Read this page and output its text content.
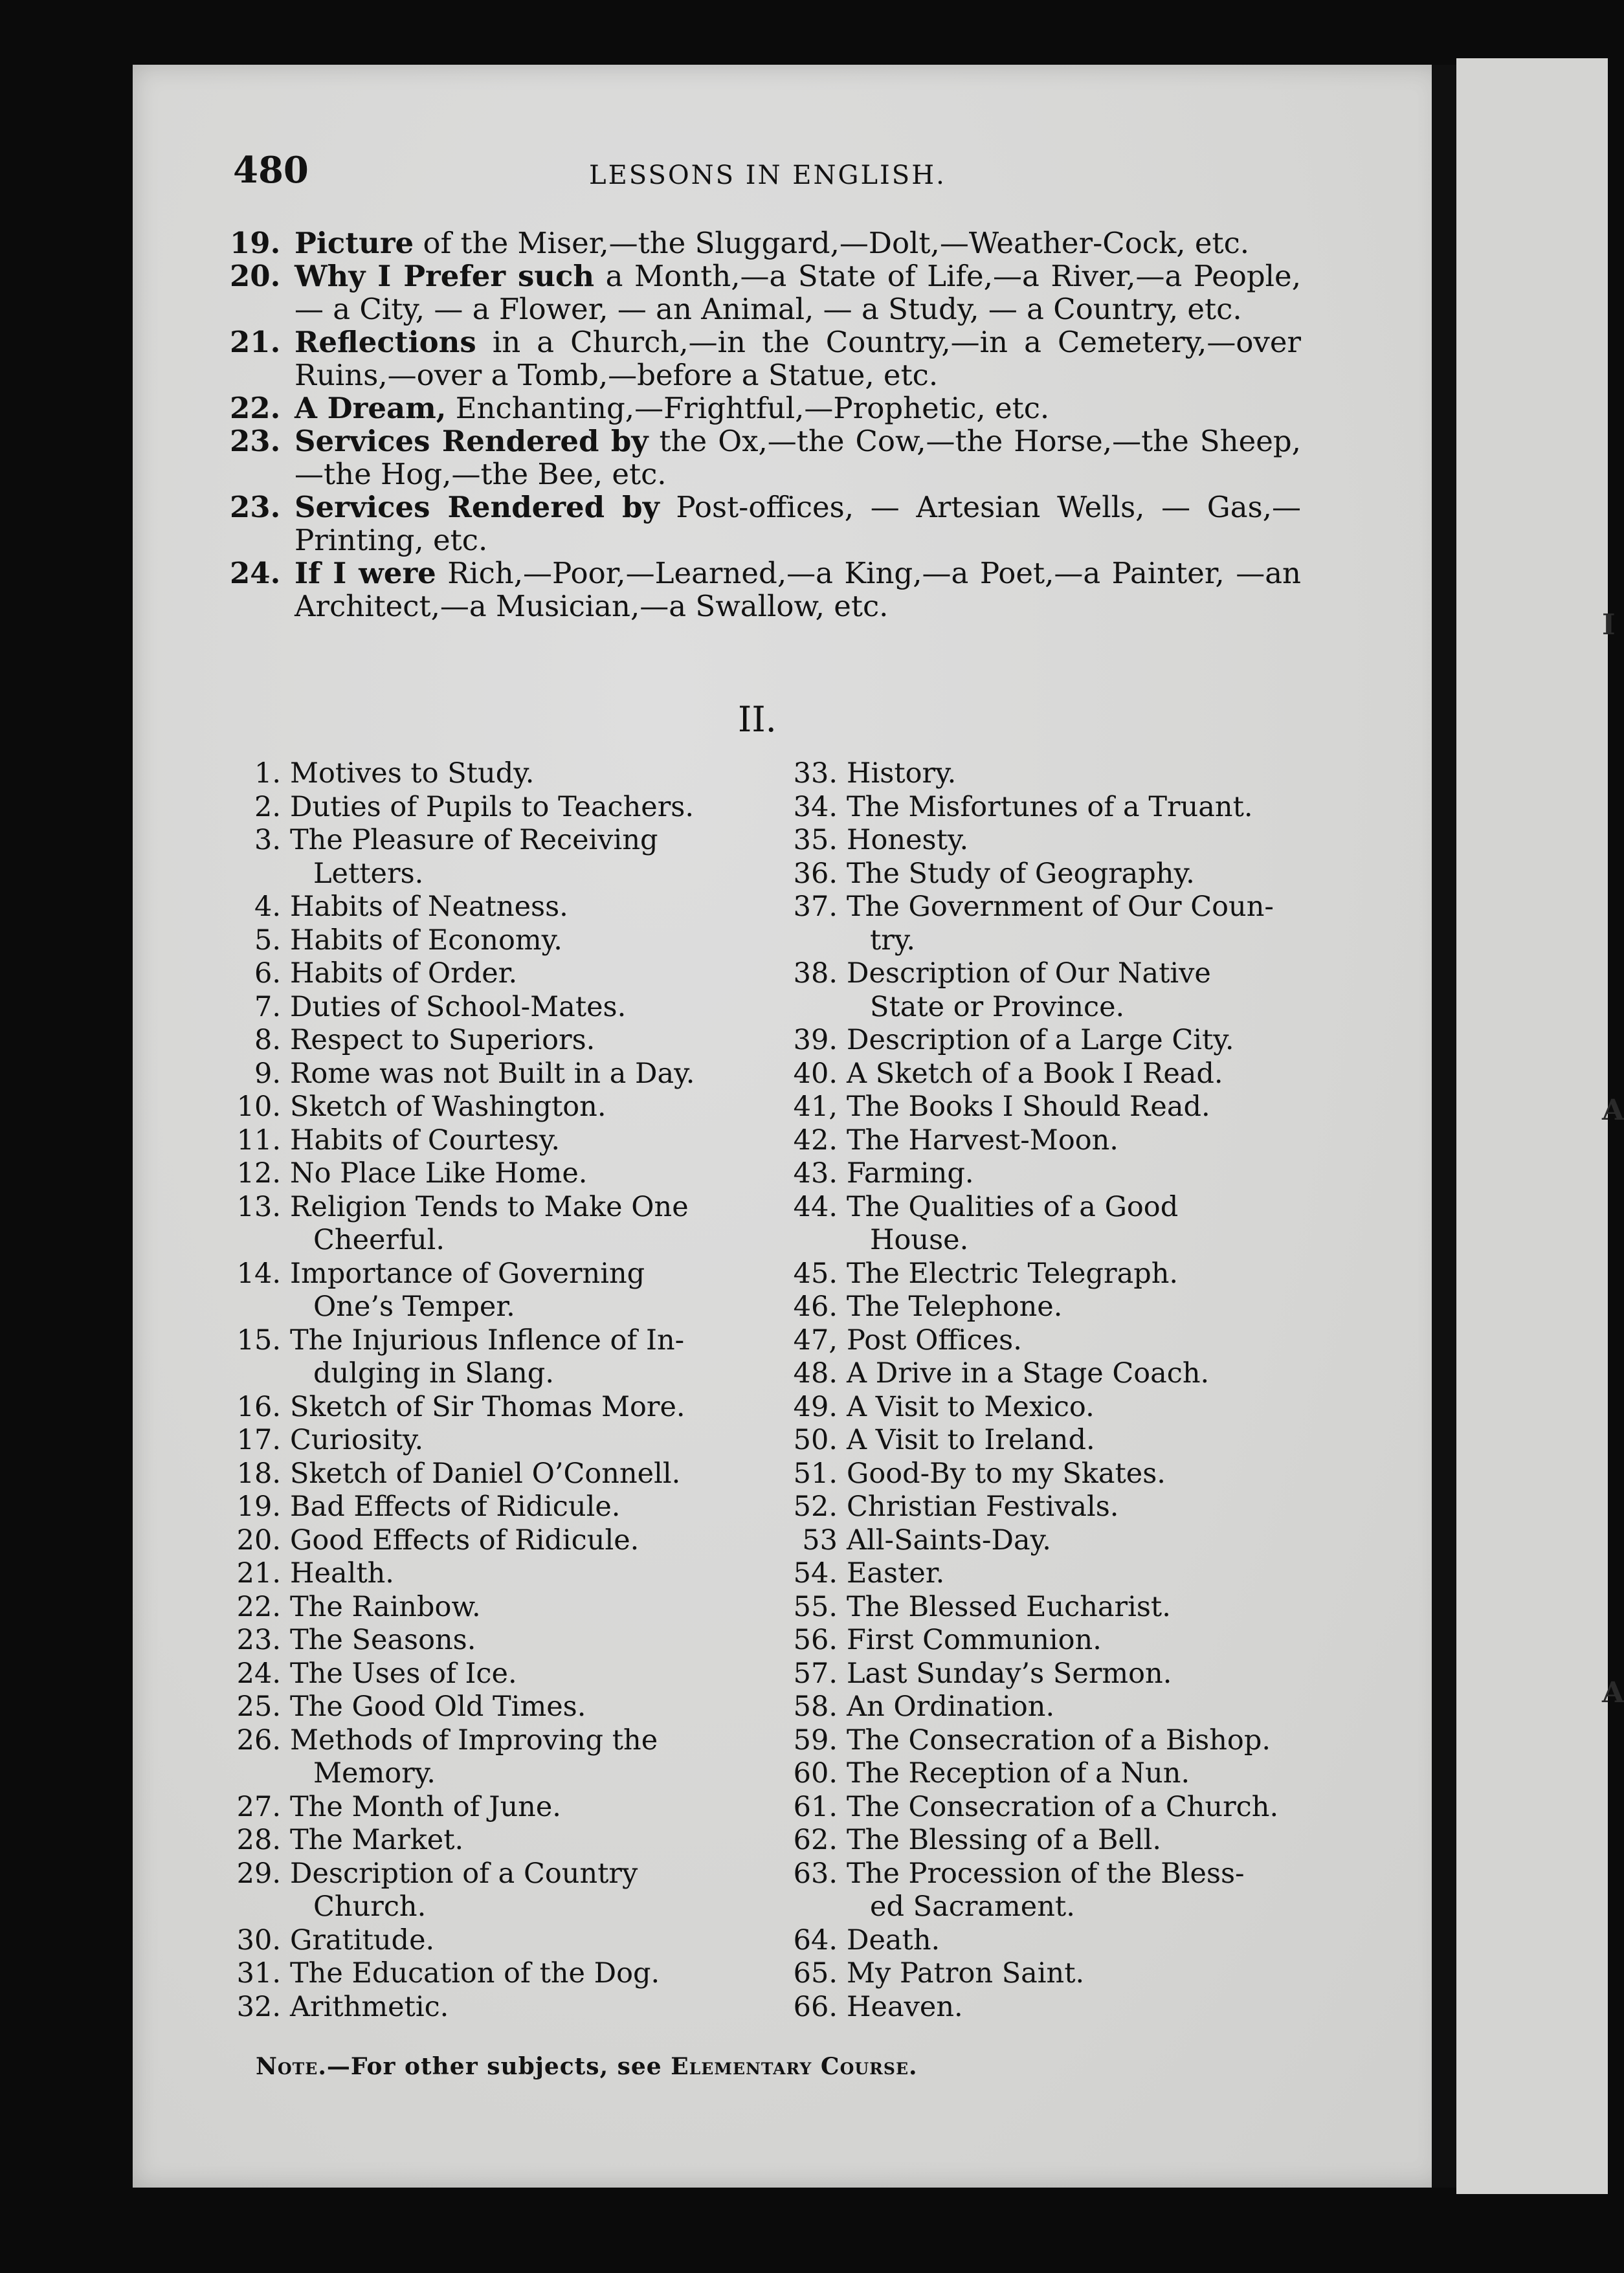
I
A
A
480	LESSONS IN ENGLISH.
19. Picture of the Miser,—the Sluggard,—Dolt,—Weather-Cock, etc.
20. Why I Prefer such a Month,—a State of Life,—a River,—a People, — a City, — a Flower, — an Animal, — a Study, — a Country, etc.
21. Reflections in a Church,—in the Country,—in a Cemetery,—over Ruins,—over a Tomb,—before a Statue, etc.
22. A Dream, Enchanting,—Frightful,—Prophetic, etc.
23. Services Rendered by the Ox,—the Cow,—the Horse,—the Sheep,—the Hog,—the Bee, etc.
23. Services Rendered by Post-offices, — Artesian Wells, — Gas,— Printing, etc.
24. If I were Rich,—Poor,—Learned,—a King,—a Poet,—a Painter, —an Architect,—a Musician,—a Swallow, etc.
II.
1. Motives to Study.
2. Duties of Pupils to Teachers.
3. The Pleasure of Receiving
Letters.
4. Habits of Neatness.
5. Habits of Economy.
6. Habits of Order.
7. Duties of School-Mates.
8. Respect to Superiors.
9. Rome was not Built in a Day.
10. Sketch of Washington.
11. Habits of Courtesy.
12. No Place Like Home.
13. Religion Tends to Make One
Cheerful.
14. Importance of Governing
One’s Temper.
15. The Injurious Inflence of In-
dulging in Slang.
16. Sketch of Sir Thomas More.
17. Curiosity.
18. Sketch of Daniel O’Connell.
19. Bad Effects of Ridicule.
20. Good Effects of Ridicule.
21. Health.
22. The Rainbow.
23. The Seasons.
24. The Uses of Ice.
25. The Good Old Times.
26. Methods of Improving the
Memory.
27. The Month of June.
28. The Market.
29. Description of a Country
Church.
30. Gratitude.
31. The Education of the Dog.
32. Arithmetic.
33. History.
34. The Misfortunes of a Truant.
35. Honesty.
36. The Study of Geography.
37. The Government of Our Coun-
try.
38. Description of Our Native
State or Province.
39. Description of a Large City.
40. A Sketch of a Book I Read.
41, The Books I Should Read.
42. The Harvest-Moon.
43. Farming.
44. The Qualities of a Good
House.
45. The Electric Telegraph.
46. The Telephone.
47, Post Offices.
48. A Drive in a Stage Coach.
49. A Visit to Mexico.
50. A Visit to Ireland.
51. Good-By to my Skates.
52. Christian Festivals.
53 All-Saints-Day.
54. Easter.
55. The Blessed Eucharist.
56. First Communion.
57. Last Sunday’s Sermon.
58. An Ordination.
59. The Consecration of a Bishop.
60. The Reception of a Nun.
61. The Consecration of a Church.
62. The Blessing of a Bell.
63. The Procession of the Bless-
ed Sacrament.
64. Death.
65. My Patron Saint.
66. Heaven.
Note.—For other subjects, see Elementary Course.
